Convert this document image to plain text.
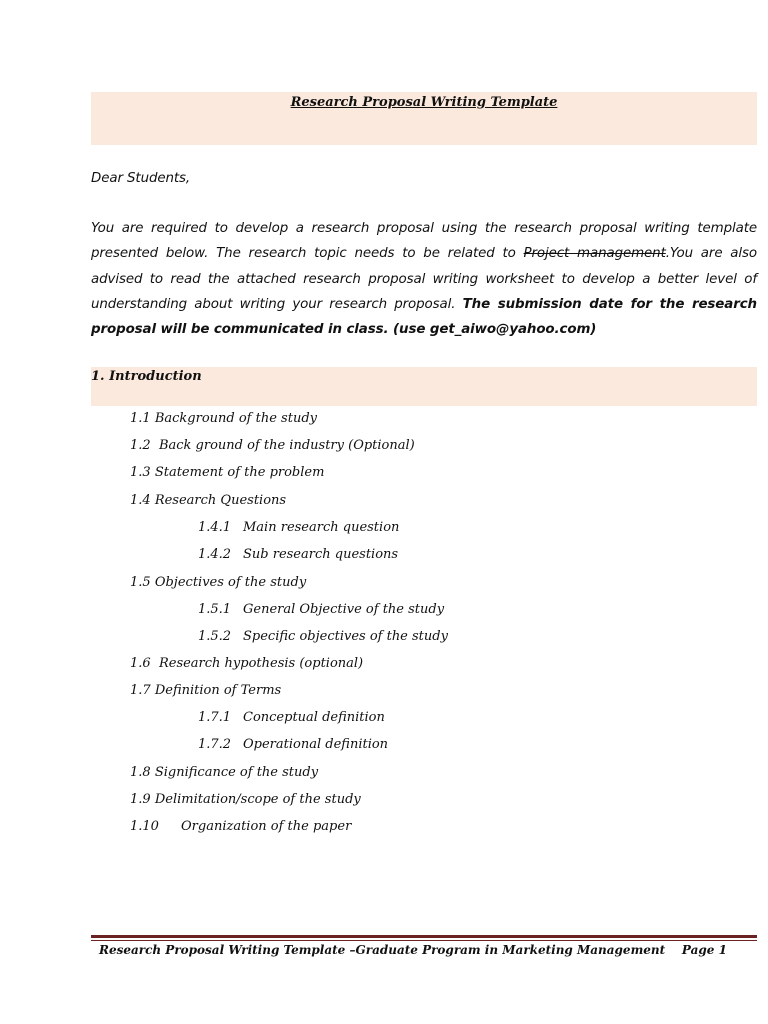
Research Proposal Writing Template
Dear Students,

You are required to develop a research proposal using the research proposal writing template presented below. The research topic needs to be related to Project management.You are also advised to read the attached research proposal writing worksheet to develop a better level of understanding about writing your research proposal. The submission date for the research proposal will be communicated in class. (use get_aiwo@yahoo.com)

1. Introduction
1.1 Background of the study
1.2  Back ground of the industry (Optional)
1.3 Statement of the problem
1.4 Research Questions
1.4.1 Main research question
1.4.2 Sub research questions
1.5 Objectives of the study
1.5.1 General Objective of the study
1.5.2 Specific objectives of the study
1.6  Research hypothesis (optional)
1.7 Definition of Terms
1.7.1 Conceptual definition
1.7.2 Operational definition
1.8 Significance of the study
1.9 Delimitation/scope of the study
1.10 Organization of the paper
Research Proposal Writing Template –Graduate Program in Marketing Management Page 1
